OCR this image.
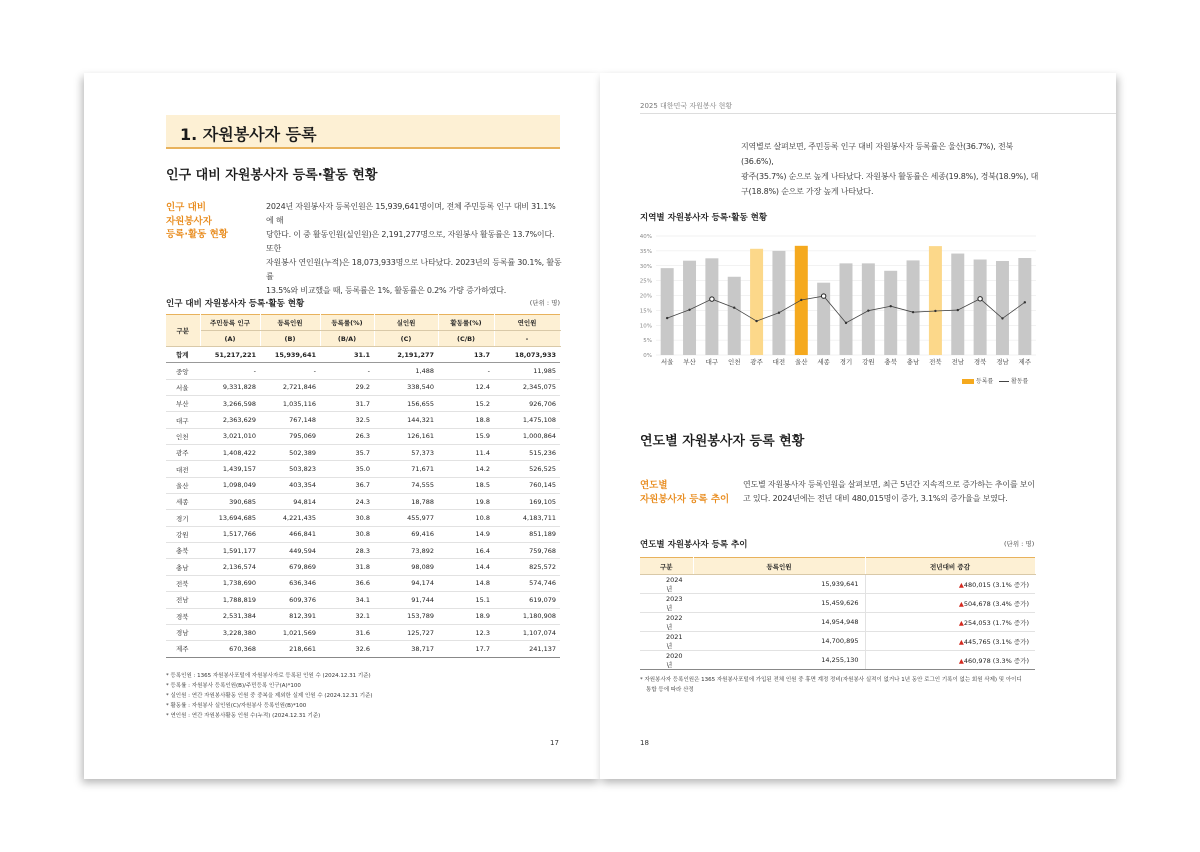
1. 자원봉사자 등록
인구 대비 자원봉사자 등록·활동 현황
인구 대비
자원봉사자
등록·활동 현황
2024년 자원봉사자 등록인원은 15,939,641명이며, 전체 주민등록 인구 대비 31.1%에 해
당한다. 이 중 활동인원(실인원)은 2,191,277명으로, 자원봉사 활동률은 13.7%이다. 또한
자원봉사 연인원(누적)은 18,073,933명으로 나타났다. 2023년의 등록률 30.1%, 활동률
13.5%와 비교했을 때, 등록률은 1%, 활동률은 0.2% 가량 증가하였다.
인구 대비 자원봉사자 등록·활동 현황	(단위 : 명)
구분	주민등록 인구	등록인원	등록률(%)	실인원	활동률(%)	연인원
	(A)	(B)	(B/A)	(C)	(C/B)	-
합계	51,217,221	15,939,641	31.1	2,191,277	13.7	18,073,933
중앙	-	-	-	1,488	-	11,985
서울	9,331,828	2,721,846	29.2	338,540	12.4	2,345,075
부산	3,266,598	1,035,116	31.7	156,655	15.2	926,706
대구	2,363,629	767,148	32.5	144,321	18.8	1,475,108
인천	3,021,010	795,069	26.3	126,161	15.9	1,000,864
광주	1,408,422	502,389	35.7	57,373	11.4	515,236
대전	1,439,157	503,823	35.0	71,671	14.2	526,525
울산	1,098,049	403,354	36.7	74,555	18.5	760,145
세종	390,685	94,814	24.3	18,788	19.8	169,105
경기	13,694,685	4,221,435	30.8	455,977	10.8	4,183,711
강원	1,517,766	466,841	30.8	69,416	14.9	851,189
충북	1,591,177	449,594	28.3	73,892	16.4	759,768
충남	2,136,574	679,869	31.8	98,089	14.4	825,572
전북	1,738,690	636,346	36.6	94,174	14.8	574,746
전남	1,788,819	609,376	34.1	91,744	15.1	619,079
경북	2,531,384	812,391	32.1	153,789	18.9	1,180,908
경남	3,228,380	1,021,569	31.6	125,727	12.3	1,107,074
제주	670,368	218,661	32.6	38,717	17.7	241,137
* 등록인원 : 1365 자원봉사포털에 자원봉사자로 등록된 인원 수 (2024.12.31 기준)
* 등록률 : 자원봉사 등록인원(B)/주민등록 인구(A)*100
* 실인원 : 연간 자원봉사활동 인원 중 중복을 제외한 실제 인원 수 (2024.12.31 기준)
* 활동률 : 자원봉사 실인원(C)/자원봉사 등록인원(B)*100
* 연인원 : 연간 자원봉사활동 인원 수(누적) (2024.12.31 기준)
17
2025 대한민국 자원봉사 현황
지역별로 살펴보면, 주민등록 인구 대비 자원봉사자 등록률은 울산(36.7%), 전북(36.6%),
광주(35.7%) 순으로 높게 나타났다. 자원봉사 활동률은 세종(19.8%), 경북(18.9%), 대
구(18.8%) 순으로 가장 높게 나타났다.
지역별 자원봉사자 등록·활동 현황
0%
5%
10%
15%
20%
25%
30%
35%
40%
서울 부산 대구 인천 광주 대전 울산 세종 경기 강원 충북 충남 전북 전남 경북 경남 제주
등록률	활동률
연도별 자원봉사자 등록 현황
연도별
자원봉사자 등록 추이
연도별 자원봉사자 등록인원을 살펴보면, 최근 5년간 지속적으로 증가하는 추이를 보이
고 있다. 2024년에는 전년 대비 480,015명이 증가, 3.1%의 증가율을 보였다.
연도별 자원봉사자 등록 추이	(단위 : 명)
구분	등록인원	전년대비 증감
2024년	15,939,641	▲480,015 (3.1% 증가)
2023년	15,459,626	▲504,678 (3.4% 증가)
2022년	14,954,948	▲254,053 (1.7% 증가)
2021년	14,700,895	▲445,765 (3.1% 증가)
2020년	14,255,130	▲460,978 (3.3% 증가)
* 자원봉사자 등록인원은 1365 자원봉사포털에 가입된 전체 인원 중 휴면 계정 정비(자원봉사 실적이 없거나 1년 동안 로그인 기록이 없는 회원 삭제) 및 아이디
통합 등에 따라 산정
18
